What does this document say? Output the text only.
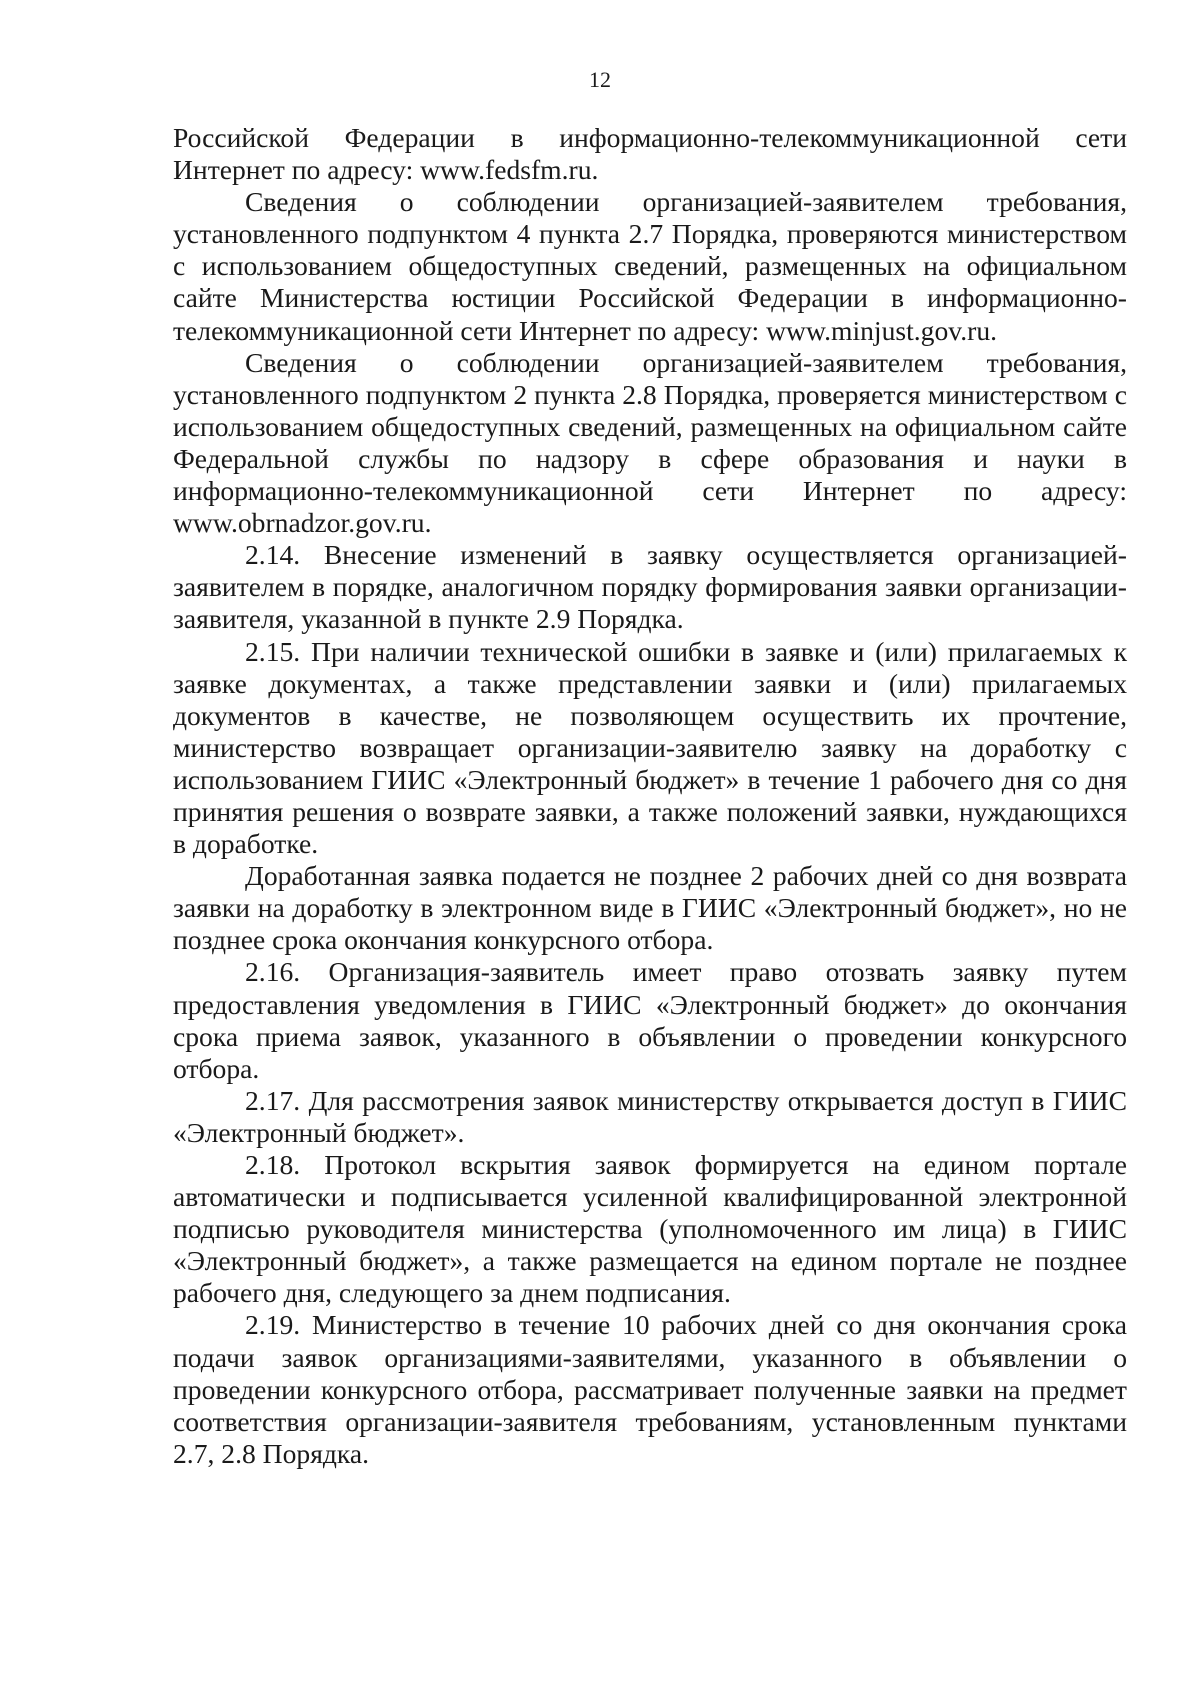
12

Российской Федерации в информационно-телекоммуникационной сети Интернет по адресу: www.fedsfm.ru.

Сведения о соблюдении организацией-заявителем требования, установленного подпунктом 4 пункта 2.7 Порядка, проверяются министерством с использованием общедоступных сведений, размещенных на официальном сайте Министерства юстиции Российской Федерации в информационно-телекоммуникационной сети Интернет по адресу: www.minjust.gov.ru.

Сведения о соблюдении организацией-заявителем требования, установленного подпунктом 2 пункта 2.8 Порядка, проверяется министерством с использованием общедоступных сведений, размещенных на официальном сайте Федеральной службы по надзору в сфере образования и науки в информационно-телекоммуникационной сети Интернет по адресу: www.obrnadzor.gov.ru.

2.14. Внесение изменений в заявку осуществляется организацией-заявителем в порядке, аналогичном порядку формирования заявки организации-заявителя, указанной в пункте 2.9 Порядка.

2.15. При наличии технической ошибки в заявке и (или) прилагаемых к заявке документах, а также представлении заявки и (или) прилагаемых документов в качестве, не позволяющем осуществить их прочтение, министерство возвращает организации-заявителю заявку на доработку с использованием ГИИС «Электронный бюджет» в течение 1 рабочего дня со дня принятия решения о возврате заявки, а также положений заявки, нуждающихся в доработке.

Доработанная заявка подается не позднее 2 рабочих дней со дня возврата заявки на доработку в электронном виде в ГИИС «Электронный бюджет», но не позднее срока окончания конкурсного отбора.

2.16. Организация-заявитель имеет право отозвать заявку путем предоставления уведомления в ГИИС «Электронный бюджет» до окончания срока приема заявок, указанного в объявлении о проведении конкурсного отбора.

2.17. Для рассмотрения заявок министерству открывается доступ в ГИИС «Электронный бюджет».

2.18. Протокол вскрытия заявок формируется на едином портале автоматически и подписывается усиленной квалифицированной электронной подписью руководителя министерства (уполномоченного им лица) в ГИИС «Электронный бюджет», а также размещается на едином портале не позднее рабочего дня, следующего за днем подписания.

2.19. Министерство в течение 10 рабочих дней со дня окончания срока подачи заявок организациями-заявителями, указанного в объявлении о проведении конкурсного отбора, рассматривает полученные заявки на предмет соответствия организации-заявителя требованиям, установленным пунктами 2.7, 2.8 Порядка.
